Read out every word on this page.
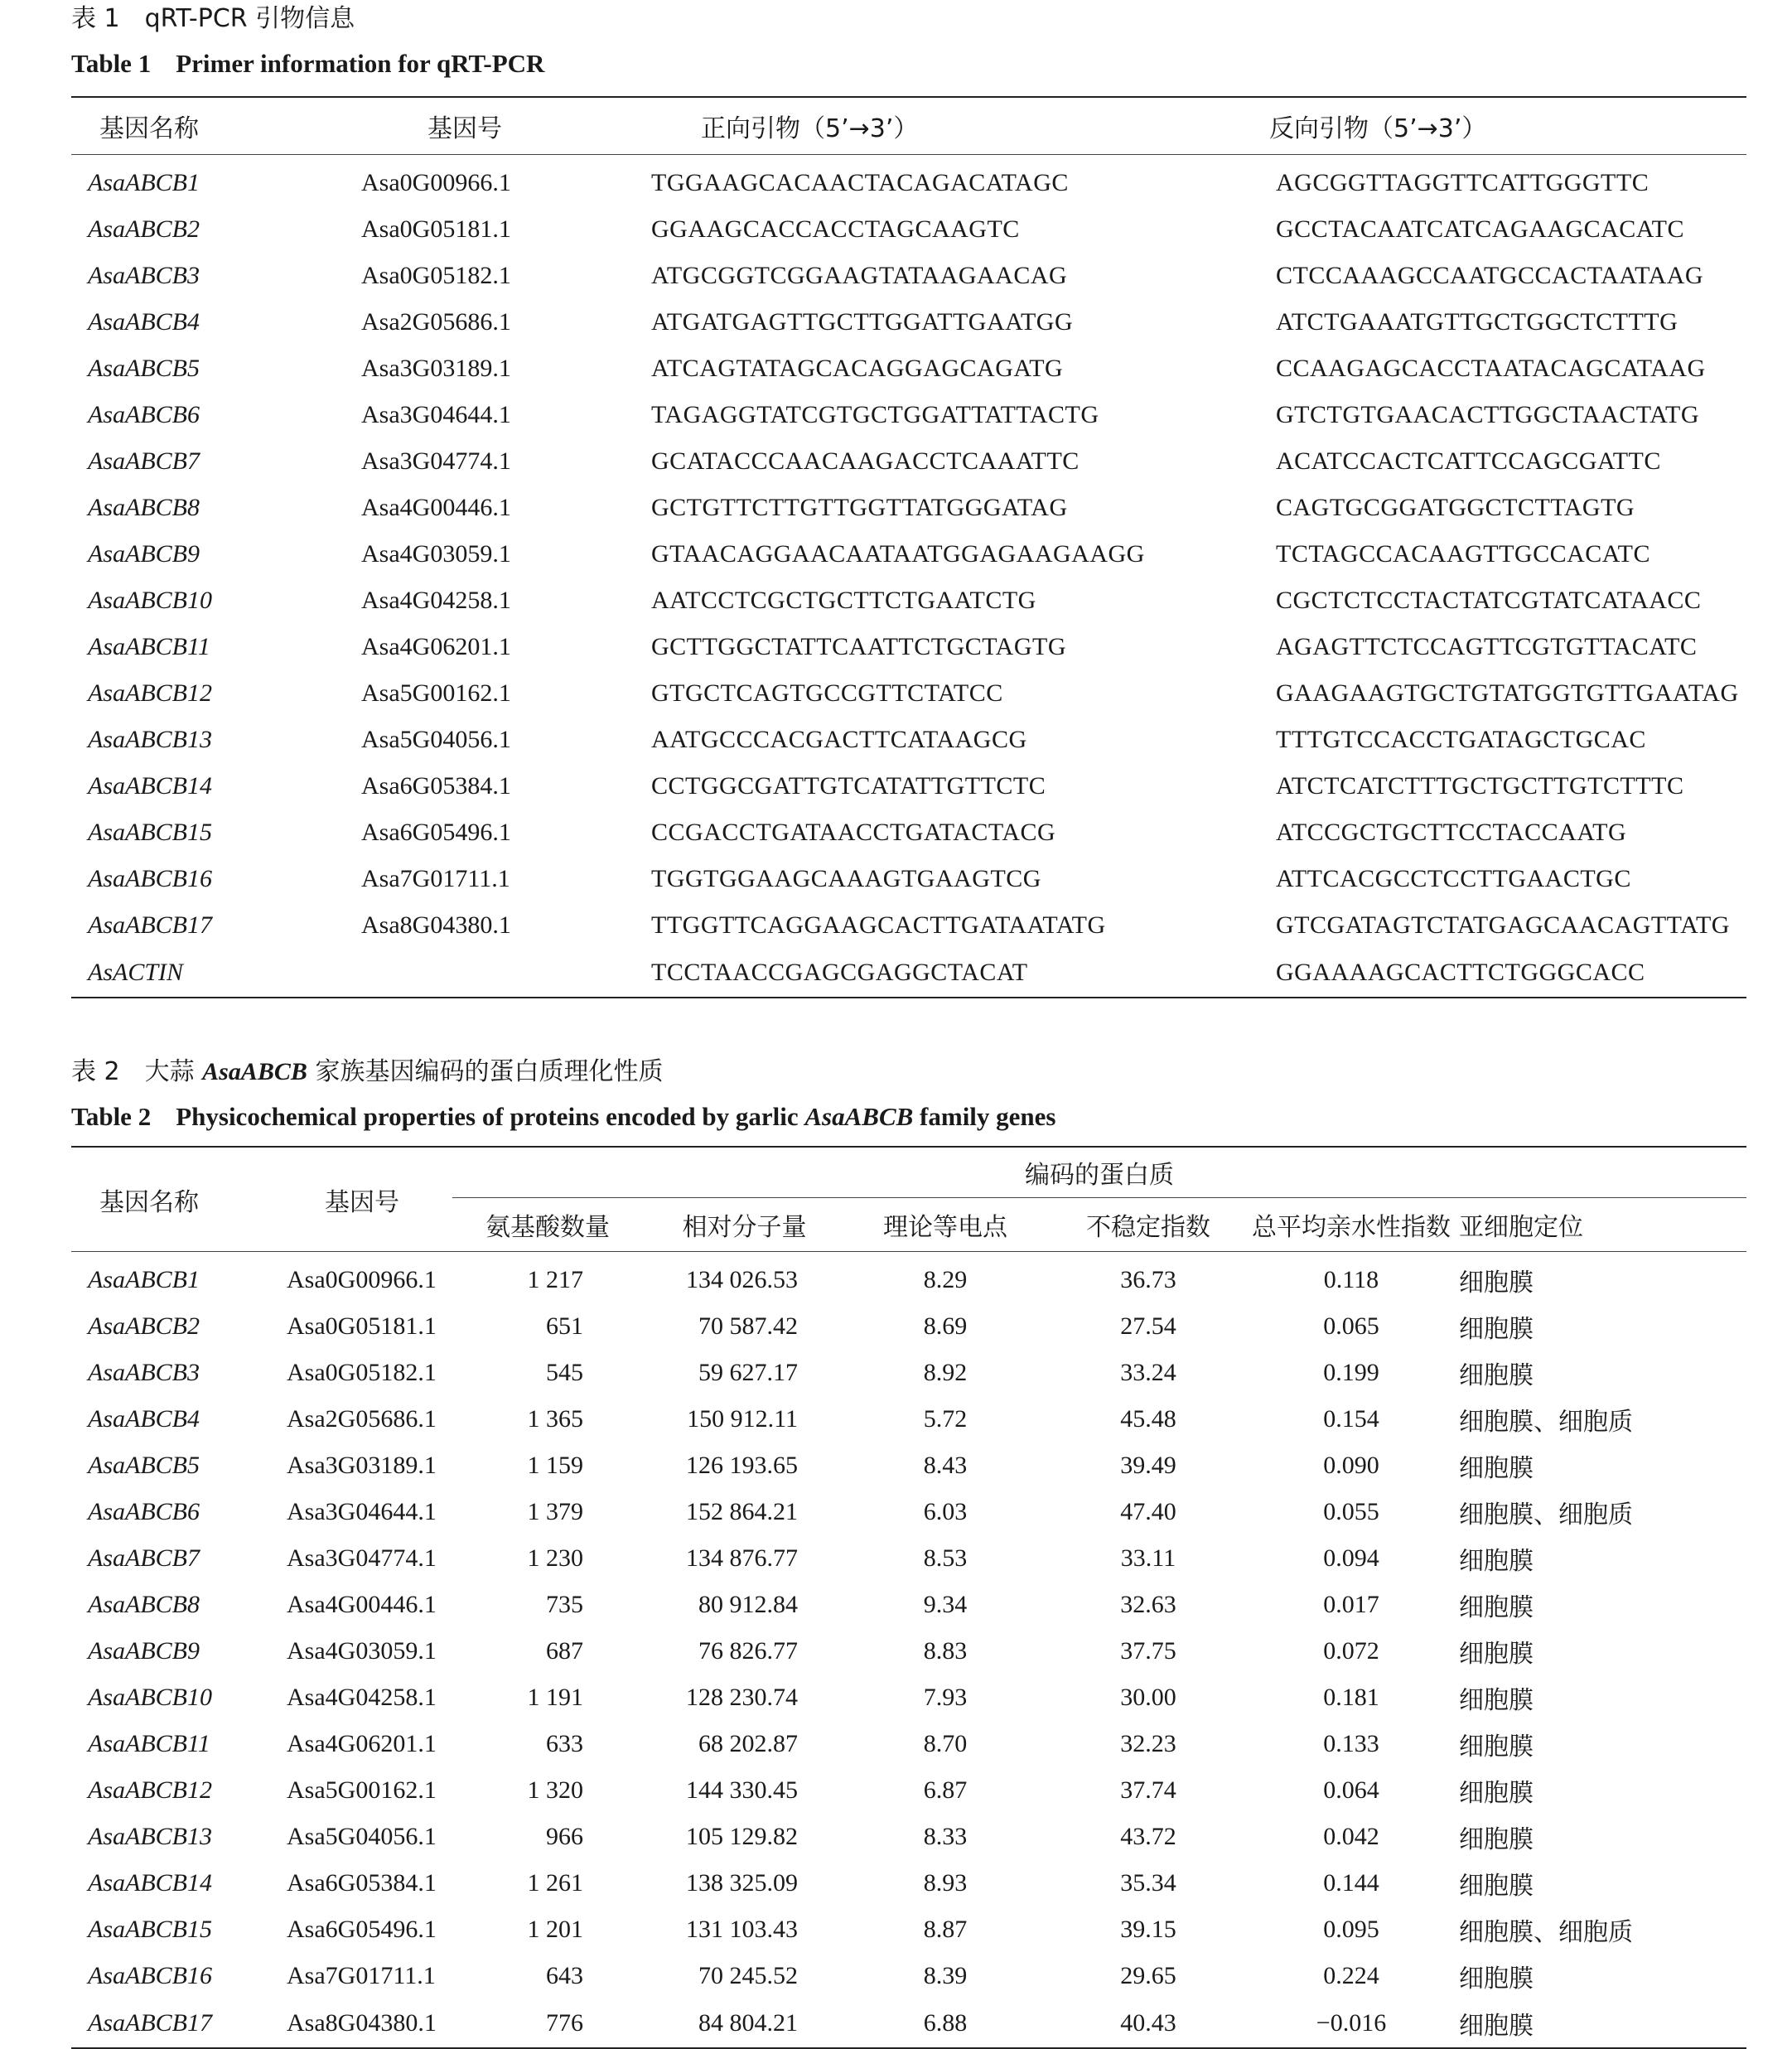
表 1 qRT-PCR 引物信息
Table 1 Primer information for qRT-PCR
基因名称	基因号	正向引物（5’→3’）	反向引物（5’→3’）
AsaABCB1	Asa0G00966.1	TGGAAGCACAACTACAGACATAGC	AGCGGTTAGGTTCATTGGGTTC
AsaABCB2	Asa0G05181.1	GGAAGCACCACCTAGCAAGTC	GCCTACAATCATCAGAAGCACATC
AsaABCB3	Asa0G05182.1	ATGCGGTCGGAAGTATAAGAACAG	CTCCAAAGCCAATGCCACTAATAAG
AsaABCB4	Asa2G05686.1	ATGATGAGTTGCTTGGATTGAATGG	ATCTGAAATGTTGCTGGCTCTTTG
AsaABCB5	Asa3G03189.1	ATCAGTATAGCACAGGAGCAGATG	CCAAGAGCACCTAATACAGCATAAG
AsaABCB6	Asa3G04644.1	TAGAGGTATCGTGCTGGATTATTACTG	GTCTGTGAACACTTGGCTAACTATG
AsaABCB7	Asa3G04774.1	GCATACCCAACAAGACCTCAAATTC	ACATCCACTCATTCCAGCGATTC
AsaABCB8	Asa4G00446.1	GCTGTTCTTGTTGGTTATGGGATAG	CAGTGCGGATGGCTCTTAGTG
AsaABCB9	Asa4G03059.1	GTAACAGGAACAATAATGGAGAAGAAGG	TCTAGCCACAAGTTGCCACATC
AsaABCB10	Asa4G04258.1	AATCCTCGCTGCTTCTGAATCTG	CGCTCTCCTACTATCGTATCATAACC
AsaABCB11	Asa4G06201.1	GCTTGGCTATTCAATTCTGCTAGTG	AGAGTTCTCCAGTTCGTGTTACATC
AsaABCB12	Asa5G00162.1	GTGCTCAGTGCCGTTCTATCC	GAAGAAGTGCTGTATGGTGTTGAATAG
AsaABCB13	Asa5G04056.1	AATGCCCACGACTTCATAAGCG	TTTGTCCACCTGATAGCTGCAC
AsaABCB14	Asa6G05384.1	CCTGGCGATTGTCATATTGTTCTC	ATCTCATCTTTGCTGCTTGTCTTTC
AsaABCB15	Asa6G05496.1	CCGACCTGATAACCTGATACTACG	ATCCGCTGCTTCCTACCAATG
AsaABCB16	Asa7G01711.1	TGGTGGAAGCAAAGTGAAGTCG	ATTCACGCCTCCTTGAACTGC
AsaABCB17	Asa8G04380.1	TTGGTTCAGGAAGCACTTGATAATATG	GTCGATAGTCTATGAGCAACAGTTATG
AsACTIN		TCCTAACCGAGCGAGGCTACAT	GGAAAAGCACTTCTGGGCACC
表 2 大蒜 AsaABCB 家族基因编码的蛋白质理化性质
Table 2 Physicochemical properties of proteins encoded by garlic AsaABCB family genes
基因名称	基因号	编码的蛋白质					
		氨基酸数量	相对分子量	理论等电点	不稳定指数	总平均亲水性指数	亚细胞定位
AsaABCB1	Asa0G00966.1	1 217	134 026.53	8.29	36.73	0.118	细胞膜
AsaABCB2	Asa0G05181.1	651	70 587.42	8.69	27.54	0.065	细胞膜
AsaABCB3	Asa0G05182.1	545	59 627.17	8.92	33.24	0.199	细胞膜
AsaABCB4	Asa2G05686.1	1 365	150 912.11	5.72	45.48	0.154	细胞膜、细胞质
AsaABCB5	Asa3G03189.1	1 159	126 193.65	8.43	39.49	0.090	细胞膜
AsaABCB6	Asa3G04644.1	1 379	152 864.21	6.03	47.40	0.055	细胞膜、细胞质
AsaABCB7	Asa3G04774.1	1 230	134 876.77	8.53	33.11	0.094	细胞膜
AsaABCB8	Asa4G00446.1	735	80 912.84	9.34	32.63	0.017	细胞膜
AsaABCB9	Asa4G03059.1	687	76 826.77	8.83	37.75	0.072	细胞膜
AsaABCB10	Asa4G04258.1	1 191	128 230.74	7.93	30.00	0.181	细胞膜
AsaABCB11	Asa4G06201.1	633	68 202.87	8.70	32.23	0.133	细胞膜
AsaABCB12	Asa5G00162.1	1 320	144 330.45	6.87	37.74	0.064	细胞膜
AsaABCB13	Asa5G04056.1	966	105 129.82	8.33	43.72	0.042	细胞膜
AsaABCB14	Asa6G05384.1	1 261	138 325.09	8.93	35.34	0.144	细胞膜
AsaABCB15	Asa6G05496.1	1 201	131 103.43	8.87	39.15	0.095	细胞膜、细胞质
AsaABCB16	Asa7G01711.1	643	70 245.52	8.39	29.65	0.224	细胞膜
AsaABCB17	Asa8G04380.1	776	84 804.21	6.88	40.43	−0.016	细胞膜
